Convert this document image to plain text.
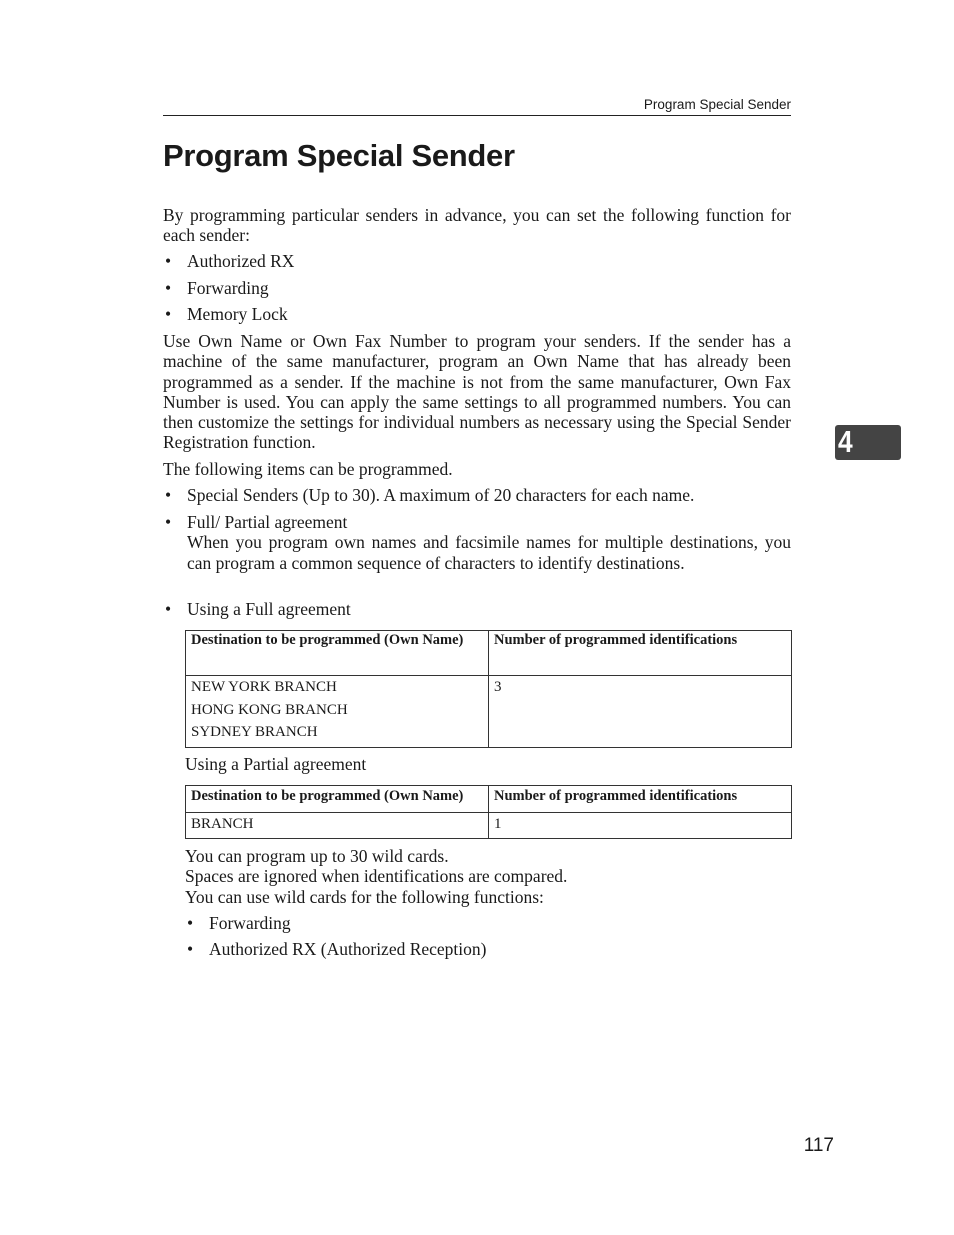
Program Special Sender
Program Special Sender

By programming particular senders in advance, you can set the following function for each sender:

• Authorized RX
• Forwarding
• Memory Lock

Use Own Name or Own Fax Number to program your senders. If the sender has a machine of the same manufacturer, program an Own Name that has already been programmed as a sender. If the machine is not from the same manufacturer, Own Fax Number is used. You can apply the same settings to all programmed numbers. You can then customize the settings for individual numbers as necessary using the Special Sender Registration function.	4

The following items can be programmed.

• Special Senders (Up to 30). A maximum of 20 characters for each name.
• Full/ Partial agreement
When you program own names and facsimile names for multiple destinations, you can program a common sequence of characters to identify destinations.
• Using a Full agreement
Destination to be programmed (Own Name)	Number of programmed identifications

NEW YORK BRANCH
HONG KONG BRANCH
SYDNEY BRANCH	3

Using a Partial agreement

Destination to be programmed (Own Name)	Number of programmed identifications
BRANCH	1

You can program up to 30 wild cards.

Spaces are ignored when identifications are compared.

You can use wild cards for the following functions:

• Forwarding
• Authorized RX (Authorized Reception)
117
